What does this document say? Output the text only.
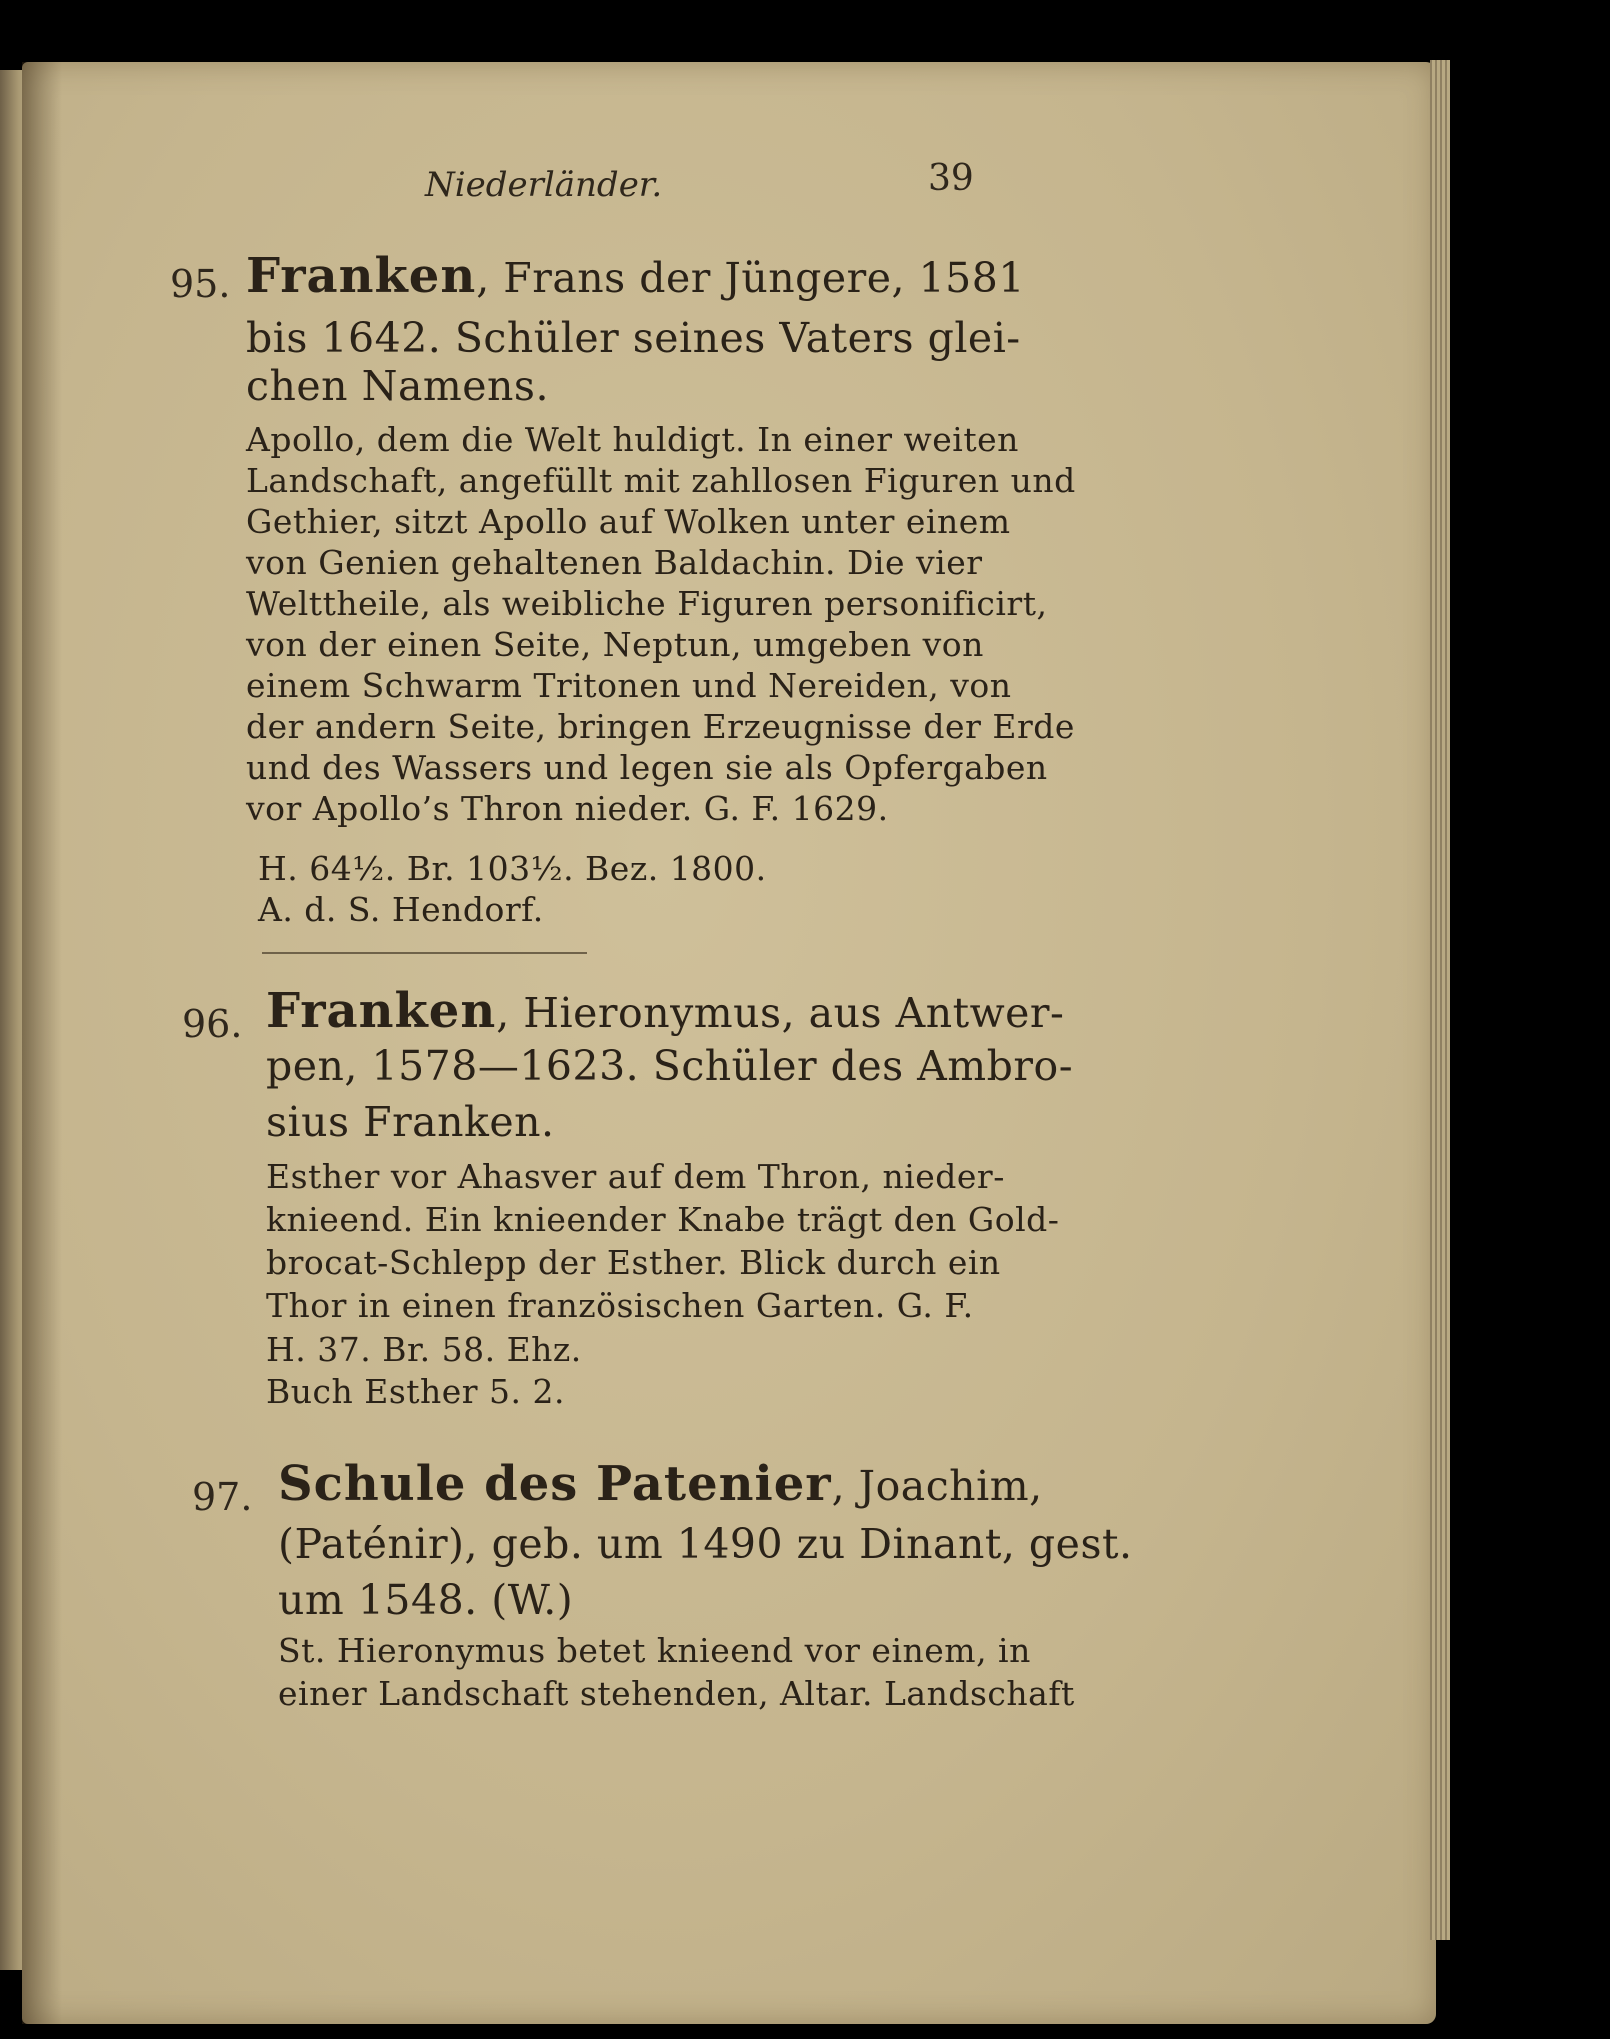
Niederländer.	39
95. Franken, Frans der Jüngere, 1581
bis 1642. Schüler seines Vaters glei-
chen Namens.
Apollo, dem die Welt huldigt. In einer weiten
Landschaft, angefüllt mit zahllosen Figuren und
Gethier, sitzt Apollo auf Wolken unter einem
von Genien gehaltenen Baldachin. Die vier
Welttheile, als weibliche Figuren personificirt,
von der einen Seite, Neptun, umgeben von
einem Schwarm Tritonen und Nereiden, von
der andern Seite, bringen Erzeugnisse der Erde
und des Wassers und legen sie als Opfergaben
vor Apollo’s Thron nieder. G. F. 1629.
H. 64½. Br. 103½. Bez. 1800.
A. d. S. Hendorf.
96. Franken, Hieronymus, aus Antwer-
pen, 1578—1623. Schüler des Ambro-
sius Franken.
Esther vor Ahasver auf dem Thron, nieder-
knieend. Ein knieender Knabe trägt den Gold-
brocat-Schlepp der Esther. Blick durch ein
Thor in einen französischen Garten. G. F.
H. 37. Br. 58. Ehz.
Buch Esther 5. 2.
97. Schule des Patenier, Joachim,
(Paténir), geb. um 1490 zu Dinant, gest.
um 1548. (W.)
St. Hieronymus betet knieend vor einem, in
einer Landschaft stehenden, Altar. Landschaft
